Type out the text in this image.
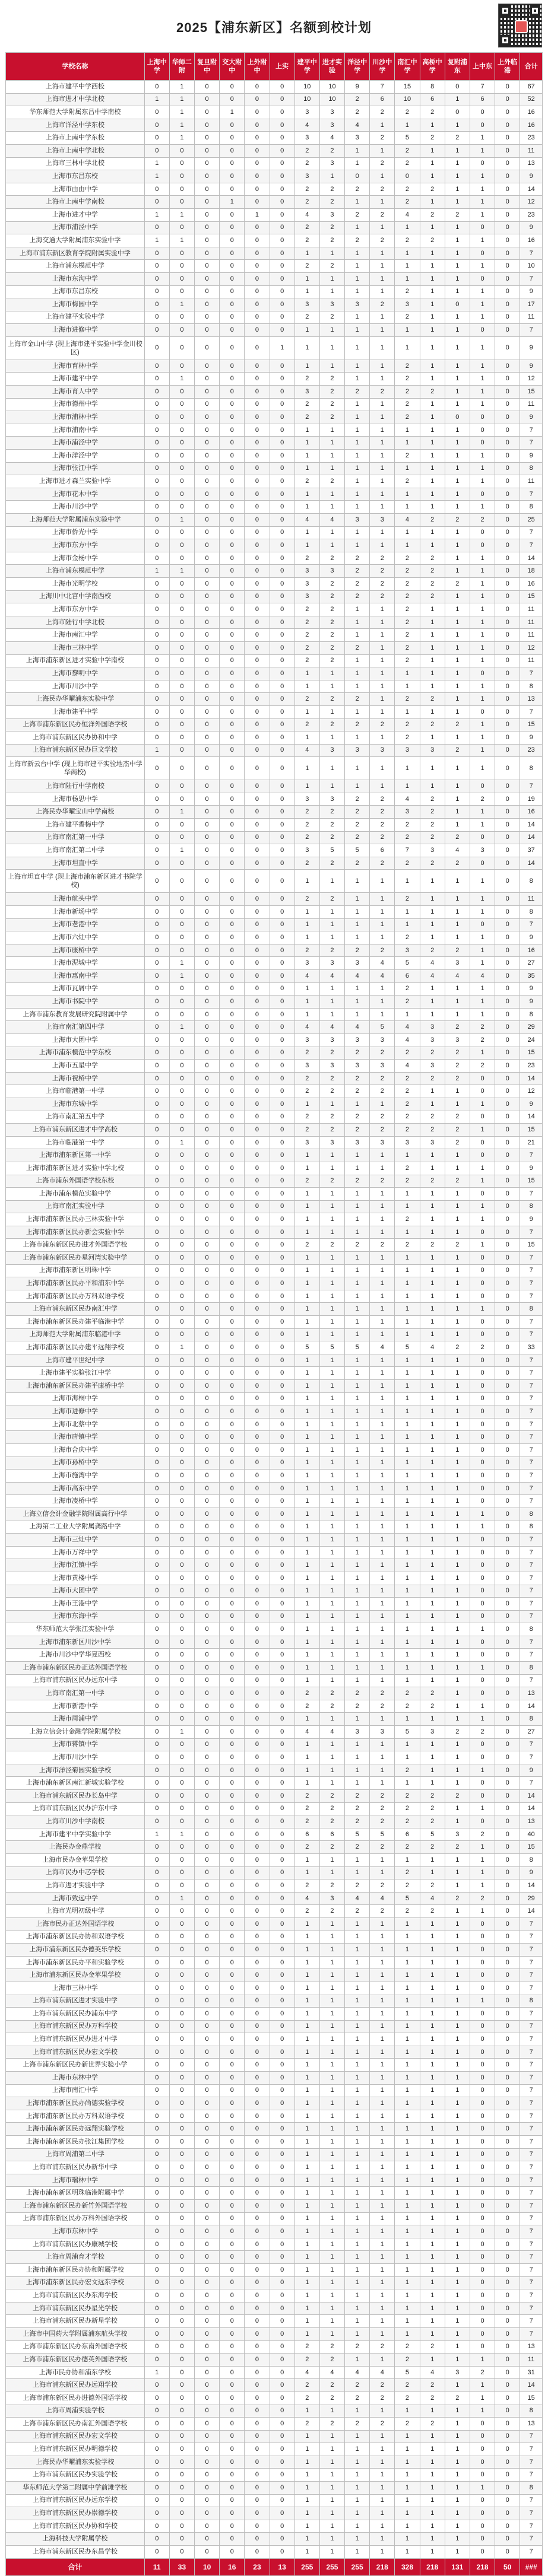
2025【浦东新区】名额到校计划
学校名称	上海中学	华师二附	复旦附中	交大附中	上外附中	上实	建平中学	进才实验	洋泾中学	川沙中学	南汇中学	高桥中学	复附浦东	上中东	上外临港	合计
上海市建平中学西校	0	1	0	0	0	0	10	10	9	7	15	8	0	7	0	67
上海市进才中学北校	1	1	0	0	0	0	10	10	2	6	10	6	1	6	0	52
华东师范大学附属东昌中学南校	0	1	0	1	0	0	3	3	2	2	2	2	0	0	0	16
上海市洋泾中学东校	0	1	0	0	0	0	4	3	4	1	1	1	1	0	0	16
上海市上南中学东校	0	1	0	0	0	0	3	4	3	2	5	2	2	1	0	23
上海市上南中学北校	0	0	0	0	0	0	2	2	1	1	2	1	1	1	0	11
上海市三林中学北校	1	0	0	0	0	0	2	3	1	2	2	1	1	0	0	13
上海市东昌东校	1	0	0	0	0	0	3	1	0	1	0	1	1	1	0	9
上海市由由中学	0	0	0	0	0	0	2	2	2	2	2	2	1	1	0	14
上海市上南中学南校	0	0	0	1	0	0	2	2	1	1	2	1	1	1	0	12
上海市进才中学	1	1	0	0	1	0	4	3	2	2	4	2	2	1	0	23
上海市浦泾中学	0	0	0	0	0	0	2	2	1	1	1	1	1	0	0	9
上海交通大学附属浦东实验中学	1	1	0	0	0	0	2	2	2	2	2	2	1	1	0	16
上海市浦东新区教育学院附属实验中学	0	0	0	0	0	0	1	1	1	1	1	1	1	0	0	7
上海市浦东模范中学	0	0	0	0	0	0	2	2	1	1	1	1	1	1	0	10
上海市东沟中学	0	0	0	0	0	0	1	1	1	1	1	1	1	0	0	7
上海市东昌东校	0	0	0	0	0	0	1	1	1	1	2	1	1	1	0	9
上海市梅园中学	0	1	0	0	0	0	3	3	3	2	3	1	0	1	0	17
上海市建平实验中学	0	0	0	0	0	0	2	2	1	1	2	1	1	1	0	11
上海市进修中学	0	0	0	0	0	0	1	1	1	1	1	1	1	0	0	7
上海市金山中学 (现上海市建平实验中学金川校区)	0	0	0	0	0	1	1	1	1	1	1	1	1	1	0	9
上海市育林中学	0	0	0	0	0	0	1	1	1	1	2	1	1	1	0	9
上海市建平中学	0	1	0	0	0	0	2	2	1	1	2	1	1	1	0	12
上海市育人中学	0	0	0	0	0	0	3	2	2	2	2	2	1	1	0	15
上海市德州中学	0	0	0	0	0	0	2	2	1	1	2	1	1	1	0	11
上海市浦林中学	0	0	0	0	0	0	2	2	1	1	2	1	0	0	0	9
上海市浦南中学	0	0	0	0	0	0	1	1	1	1	1	1	1	0	0	7
上海市浦泾中学	0	0	0	0	0	0	1	1	1	1	1	1	1	0	0	7
上海市洋泾中学	0	0	0	0	0	0	1	1	1	1	2	1	1	1	0	9
上海市张江中学	0	0	0	0	0	0	1	1	1	1	1	1	1	1	0	8
上海市进才森兰实验中学	0	0	0	0	0	0	2	2	1	1	2	1	1	1	0	11
上海市花木中学	0	0	0	0	0	0	1	1	1	1	1	1	1	0	0	7
上海市川沙中学	0	0	0	0	0	0	1	1	1	1	1	1	1	1	0	8
上海师范大学附属浦东实验中学	0	1	0	0	0	0	4	4	3	3	4	2	2	2	0	25
上海市侨光中学	0	0	0	0	0	0	1	1	1	1	1	1	1	0	0	7
上海市东方中学	0	0	0	0	0	0	1	1	1	1	1	1	1	0	0	7
上海市金杨中学	0	0	0	0	0	0	2	2	2	2	2	2	1	1	0	14
上海市浦东模范中学	1	1	0	0	0	0	3	3	2	2	2	2	1	1	0	18
上海市光明学校	0	0	0	0	0	0	3	2	2	2	2	2	2	1	0	16
上海川中北宫中学南西校	0	0	0	0	0	0	3	2	2	2	2	2	1	1	0	15
上海市东方中学	0	0	0	0	0	0	2	2	1	1	2	1	1	1	0	11
上海市陆行中学北校	0	0	0	0	0	0	2	2	1	1	2	1	1	1	0	11
上海市南汇中学	0	0	0	0	0	0	2	2	1	1	2	1	1	1	0	11
上海市三林中学	0	0	0	0	0	0	2	2	2	1	2	1	1	1	0	12
上海市浦东新区进才实验中学南校	0	0	0	0	0	0	2	2	1	1	2	1	1	1	0	11
上海市黎明中学	0	0	0	0	0	0	1	1	1	1	1	1	1	0	0	7
上海市川沙中学	0	0	0	0	0	0	1	1	1	1	1	1	1	1	0	8
上海民办华曜浦东实验中学	0	0	0	0	0	0	2	2	2	1	2	2	1	1	0	13
上海市建平中学	0	0	0	0	0	0	1	1	1	1	1	1	1	0	0	7
上海市浦东新区民办恒洋外国语学校	0	0	0	0	0	0	2	2	2	2	2	2	2	1	0	15
上海市浦东新区民办协和中学	0	0	0	0	0	0	1	1	1	1	2	1	1	1	0	9
上海市浦东新区民办巨文学校	1	0	0	0	0	0	4	3	3	3	3	3	2	1	0	23
上海市新云台中学 (现上海市建平实验地杰中学华商校)	0	0	0	0	0	0	1	1	1	1	1	1	1	1	0	8
上海市陆行中学南校	0	0	0	0	0	0	1	1	1	1	1	1	1	0	0	7
上海市杨思中学	0	0	0	0	0	0	3	3	2	2	4	2	1	2	0	19
上海民办华曜宝山中学南校	0	1	0	0	0	0	2	2	2	2	3	2	1	1	0	16
上海市建平香梅中学	0	0	0	0	0	0	2	2	2	2	2	2	1	1	0	14
上海市南汇第一中学	0	0	0	0	0	0	2	2	2	2	2	2	2	0	0	14
上海市南汇第二中学	0	1	0	0	0	0	3	5	5	6	7	3	4	3	0	37
上海市坦直中学	0	0	0	0	0	0	2	2	2	2	2	2	2	0	0	14
上海市坦直中学 (现上海市浦东新区进才书院学校)	0	0	0	0	0	0	1	1	1	1	1	1	1	1	0	8
上海市航头中学	0	0	0	0	0	0	2	2	1	1	2	1	1	1	0	11
上海市新场中学	0	0	0	0	0	0	1	1	1	1	1	1	1	1	0	8
上海市老港中学	0	0	0	0	0	0	1	1	1	1	1	1	1	0	0	7
上海市六灶中学	0	0	0	0	0	0	1	1	1	1	2	1	1	1	0	9
上海市康桥中学	0	0	0	0	0	0	2	2	2	2	3	2	2	1	0	16
上海市泥城中学	0	1	0	0	0	0	3	3	3	4	5	4	3	1	0	27
上海市惠南中学	0	1	0	0	0	0	4	4	4	4	6	4	4	4	0	35
上海市瓦屑中学	0	0	0	0	0	0	1	1	1	1	2	1	1	1	0	9
上海市书院中学	0	0	0	0	0	0	1	1	1	1	2	1	1	1	0	9
上海市浦东教育发展研究院附属中学	0	0	0	0	0	0	1	1	1	1	1	1	1	1	0	8
上海市南汇第四中学	0	1	0	0	0	0	4	4	4	5	4	3	2	2	0	29
上海市大团中学	0	0	0	0	0	0	3	3	3	3	4	3	3	2	0	24
上海市浦东模范中学东校	0	0	0	0	0	0	2	2	2	2	2	2	2	1	0	15
上海市五星中学	0	0	0	0	0	0	3	3	3	3	4	3	2	2	0	23
上海市祝桥中学	0	0	0	0	0	0	2	2	2	2	2	2	2	0	0	14
上海市临港第一中学	0	0	0	0	0	0	2	2	2	2	2	1	1	0	0	12
上海市东城中学	0	0	0	0	0	0	1	1	1	1	2	1	1	1	0	9
上海市南汇第五中学	0	0	0	0	0	0	2	2	2	2	2	2	2	0	0	14
上海市浦东新区进才中学高校	0	0	0	0	0	0	2	2	2	2	2	2	2	1	0	15
上海市临港第一中学	0	1	0	0	0	0	3	3	3	3	3	3	2	0	0	21
上海市浦东新区第一中学	0	0	0	0	0	0	1	1	1	1	1	1	1	0	0	7
上海市浦东新区进才实验中学北校	0	0	0	0	0	0	1	1	1	1	2	1	1	1	0	9
上海市浦东外国语学校东校	0	0	0	0	0	0	2	2	2	2	2	2	2	1	0	15
上海市浦东模范实验中学	0	0	0	0	0	0	1	1	1	1	1	1	1	0	0	7
上海市南汇实验中学	0	0	0	0	0	0	1	1	1	1	1	1	1	1	0	8
上海市浦东新区民办三林实验中学	0	0	0	0	0	0	1	1	1	1	2	1	1	1	0	9
上海市浦东新区民办新会实验中学	0	0	0	0	0	0	1	1	1	1	1	1	1	0	0	7
上海市浦东新区民办进才外国语学校	0	0	0	0	0	0	2	2	2	2	2	2	2	1	0	15
上海市浦东新区民办星河湾实验中学	0	0	0	0	0	0	1	1	1	1	1	1	1	0	0	7
上海市浦东新区明珠中学	0	0	0	0	0	0	1	1	1	1	1	1	1	0	0	7
上海市浦东新区民办平和浦东中学	0	0	0	0	0	0	1	1	1	1	1	1	1	0	0	7
上海市浦东新区民办万科双语学校	0	0	0	0	0	0	1	1	1	1	1	1	1	0	0	7
上海市浦东新区民办南汇中学	0	0	0	0	0	0	1	1	1	1	1	1	1	1	0	8
上海市浦东新区民办建平临港中学	0	0	0	0	0	0	1	1	1	1	1	1	1	0	0	7
上海师范大学附属浦东临港中学	0	0	0	0	0	0	1	1	1	1	1	1	1	0	0	7
上海市浦东新区民办建平远翔学校	0	1	0	0	0	0	5	5	5	4	5	4	2	2	0	33
上海市建平世纪中学	0	0	0	0	0	0	1	1	1	1	1	1	1	0	0	7
上海市建平实验张江中学	0	0	0	0	0	0	1	1	1	1	1	1	1	0	0	7
上海市浦东新区民办建平康桥中学	0	0	0	0	0	0	1	1	1	1	1	1	1	0	0	7
上海市海桐中学	0	0	0	0	0	0	1	1	1	1	1	1	1	0	0	7
上海市进修中学	0	0	0	0	0	0	1	1	1	1	1	1	1	0	0	7
上海市北蔡中学	0	0	0	0	0	0	1	1	1	1	1	1	1	0	0	7
上海市唐镇中学	0	0	0	0	0	0	1	1	1	1	1	1	1	0	0	7
上海市合庆中学	0	0	0	0	0	0	1	1	1	1	1	1	1	0	0	7
上海市孙桥中学	0	0	0	0	0	0	1	1	1	1	1	1	1	0	0	7
上海市施湾中学	0	0	0	0	0	0	1	1	1	1	1	1	1	0	0	7
上海市高东中学	0	0	0	0	0	0	1	1	1	1	1	1	1	0	0	7
上海市凌桥中学	0	0	0	0	0	0	1	1	1	1	1	1	1	0	0	7
上海立信会计金融学院附属高行中学	0	0	0	0	0	0	1	1	1	1	1	1	1	1	0	8
上海第二工业大学附属龚路中学	0	0	0	0	0	0	1	1	1	1	1	1	1	1	0	8
上海市三灶中学	0	0	0	0	0	0	1	1	1	1	1	1	1	0	0	7
上海市万祥中学	0	0	0	0	0	0	1	1	1	1	1	1	1	0	0	7
上海市江镇中学	0	0	0	0	0	0	1	1	1	1	1	1	1	0	0	7
上海市黄楼中学	0	0	0	0	0	0	1	1	1	1	1	1	1	0	0	7
上海市大团中学	0	0	0	0	0	0	1	1	1	1	1	1	1	0	0	7
上海市王港中学	0	0	0	0	0	0	1	1	1	1	1	1	1	0	0	7
上海市东海中学	0	0	0	0	0	0	1	1	1	1	1	1	1	0	0	7
华东师范大学张江实验中学	0	0	0	0	0	0	1	1	1	1	1	1	1	1	0	8
上海市浦东新区川沙中学	0	0	0	0	0	0	1	1	1	1	1	1	1	0	0	7
上海市川沙中学华夏西校	0	0	0	0	0	0	1	1	1	1	1	1	1	0	0	7
上海市浦东新区民办正达外国语学校	0	0	0	0	0	0	1	1	1	1	1	1	1	1	0	8
上海市浦东新区民办远东中学	0	0	0	0	0	0	1	1	1	1	1	1	1	0	0	7
上海市南汇第一中学	0	0	0	0	0	0	2	2	2	2	2	2	1	0	0	13
上海市新港中学	0	0	0	0	0	0	2	2	2	2	2	2	1	1	0	14
上海市周浦中学	0	0	0	0	0	0	1	1	1	1	1	1	1	1	0	8
上海立信会计金融学院附属学校	0	1	0	0	0	0	4	4	3	3	5	3	2	2	0	27
上海市蒋镇中学	0	0	0	0	0	0	1	1	1	1	1	1	1	0	0	7
上海市川沙中学	0	0	0	0	0	0	1	1	1	1	1	1	1	0	0	7
上海市洋泾菊园实验学校	0	0	0	0	0	0	1	1	1	1	2	1	1	1	0	9
上海市浦东新区南汇新城实验学校	0	0	0	0	0	0	1	1	1	1	1	1	1	0	0	7
上海市浦东新区民办长岛中学	0	0	0	0	0	0	2	2	2	2	2	2	2	0	0	14
上海市浦东新区民办沪东中学	0	0	0	0	0	0	2	2	2	2	2	2	1	1	0	14
上海市川沙中学南校	0	0	0	0	0	0	2	2	2	2	2	2	1	0	0	13
上海市建平中学实验中学	1	1	0	0	0	0	6	6	5	5	6	5	3	2	0	40
上海民办金鼎学校	0	0	0	0	0	0	2	2	2	2	2	2	2	1	0	15
上海市民办金苹果学校	0	0	0	0	0	0	1	1	1	1	1	1	1	1	0	8
上海市民办中芯学校	0	0	0	0	0	0	1	1	1	1	2	1	1	1	0	9
上海市进才实验中学	0	0	0	0	0	0	2	2	2	2	2	2	1	1	0	14
上海市致远中学	0	1	0	0	0	0	4	3	4	4	5	4	2	2	0	29
上海市光明初级中学	0	0	0	0	0	0	2	2	2	2	2	2	1	1	0	14
上海市民办正达外国语学校	0	0	0	0	0	0	1	1	1	1	1	1	1	0	0	7
上海市浦东新区民办协和双语学校	0	0	0	0	0	0	1	1	1	1	1	1	1	0	0	7
上海市浦东新区民办德英乐学校	0	0	0	0	0	0	1	1	1	1	1	1	1	0	0	7
上海市浦东新区民办平和实验学校	0	0	0	0	0	0	1	1	1	1	1	1	1	0	0	7
上海市浦东新区民办金苹果学校	0	0	0	0	0	0	1	1	1	1	1	1	1	0	0	7
上海市三林中学	0	0	0	0	0	0	1	1	1	1	1	1	1	0	0	7
上海市浦东新区进才实验中学	0	0	0	0	0	0	1	1	1	1	1	1	1	1	0	8
上海市浦东新区民办浦东中学	0	0	0	0	0	0	1	1	1	1	1	1	1	0	0	7
上海市浦东新区民办万科学校	0	0	0	0	0	0	1	1	1	1	1	1	1	0	0	7
上海市浦东新区民办进才中学	0	0	0	0	0	0	1	1	1	1	1	1	1	0	0	7
上海市浦东新区民办宏文学校	0	0	0	0	0	0	1	1	1	1	1	1	1	0	0	7
上海市浦东新区民办新世界实验小学	0	0	0	0	0	0	1	1	1	1	1	1	1	0	0	7
上海市东林中学	0	0	0	0	0	0	1	1	1	1	1	1	1	0	0	7
上海市南汇中学	0	0	0	0	0	0	1	1	1	1	1	1	1	0	0	7
上海市浦东新区民办尚德实验学校	0	0	0	0	0	0	1	1	1	1	1	1	1	0	0	7
上海市浦东新区民办万科双语学校	0	0	0	0	0	0	1	1	1	1	1	1	1	0	0	7
上海市浦东新区民办远翔实验学校	0	0	0	0	0	0	1	1	1	1	1	1	1	0	0	7
上海市浦东新区民办张江集团学校	0	0	0	0	0	0	1	1	1	1	1	1	1	0	0	7
上海市周浦第二中学	0	0	0	0	0	0	1	1	1	1	1	1	1	0	0	7
上海市浦东新区民办新华中学	0	0	0	0	0	0	1	1	1	1	1	1	1	0	0	7
上海市瑞林中学	0	0	0	0	0	0	1	1	1	1	1	1	1	0	0	7
上海市浦东新区明珠临港附属中学	0	0	0	0	0	0	1	1	1	1	1	1	1	0	0	7
上海市浦东新区民办新竹外国语学校	0	0	0	0	0	0	1	1	1	1	1	1	1	0	0	7
上海市浦东新区民办万科外国语学校	0	0	0	0	0	0	1	1	1	1	1	1	1	0	0	7
上海市东林中学	0	0	0	0	0	0	1	1	1	1	1	1	1	0	0	7
上海市浦东新区民办康城学校	0	0	0	0	0	0	1	1	1	1	1	1	1	0	0	7
上海市周浦育才学校	0	0	0	0	0	0	1	1	1	1	1	1	1	0	0	7
上海市浦东新区民办协和附属学校	0	0	0	0	0	0	1	1	1	1	1	1	1	0	0	7
上海市浦东新区民办宏文远东学校	0	0	0	0	0	0	1	1	1	1	1	1	1	0	0	7
上海市浦东新区民办东海学校	0	0	0	0	0	0	1	1	1	1	1	1	1	0	0	7
上海市浦东新区民办星光学校	0	0	0	0	0	0	1	1	1	1	1	1	1	0	0	7
上海市浦东新区民办新星学校	0	0	0	0	0	0	1	1	1	1	1	1	1	0	0	7
上海市中国药大学附属浦东航头学校	0	0	0	0	0	0	1	1	1	1	1	1	1	0	0	7
上海市浦东新区民办东南外国语学校	0	0	0	0	0	0	2	2	2	2	2	2	1	0	0	13
上海市浦东新区民办德英外国语学校	0	0	0	0	0	0	2	2	1	1	2	1	1	1	0	11
上海市民办协和浦东学校	1	0	0	0	0	0	4	4	4	4	5	4	3	2	0	31
上海市浦东新区民办远翔学校	0	0	0	0	0	0	2	2	2	2	2	2	1	1	0	14
上海市浦东新区民办进德外国语学校	0	0	0	0	0	0	2	2	2	2	2	2	2	1	0	15
上海市周浦实验学校	0	0	0	0	0	0	1	1	1	1	1	1	1	1	0	8
上海市浦东新区民办南汇外国语学校	0	0	0	0	0	0	2	2	2	2	2	2	1	0	0	13
上海市浦东新区民办宏文学校	0	0	0	0	0	0	1	1	1	1	1	1	1	0	0	7
上海市浦东新区民办明德学校	0	0	0	0	0	0	1	1	1	1	1	1	1	0	0	7
上海民办华曜浦东实验学校	0	0	0	0	0	0	1	1	1	1	1	1	1	0	0	7
上海市浦东新区民办实验学校	0	0	0	0	0	0	1	1	1	1	1	1	1	0	0	7
华东师范大学第二附属中学前滩学校	0	0	0	0	0	0	1	1	1	1	1	1	1	1	0	8
上海市浦东新区民办远东学校	0	0	0	0	0	0	1	1	1	1	1	1	1	0	0	7
上海市浦东新区民办崇德学校	0	0	0	0	0	0	1	1	1	1	1	1	1	0	0	7
上海市浦东新区民办协和学校	0	0	0	0	0	0	1	1	1	1	1	1	1	0	0	7
上海科技大学附属学校	0	0	0	0	0	0	1	1	1	1	1	1	1	0	0	7
上海市浦东新区民办东昌学校	0	0	0	0	0	0	1	1	1	1	1	1	1	0	0	7
合计	11	33	10	16	23	13	255	255	255	218	328	218	131	218	50	###
